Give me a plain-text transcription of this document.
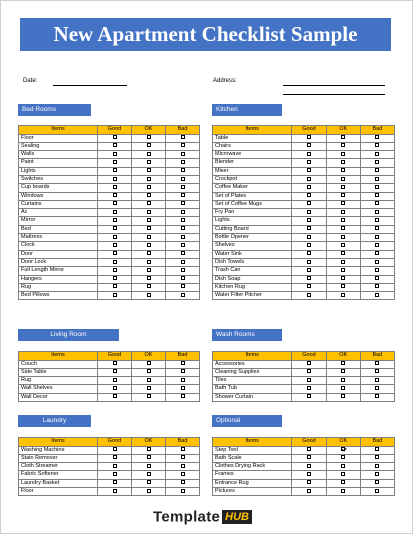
New Apartment Checklist Sample
Date:	Address:
Bed Rooms
Items	Good	OK	Bad
Floor			
Sealing			
Walls			
Paint			
Lights			
Switches			
Cup boards			
Windows			
Curtains			
Ac			
Mirror			
Bed			
Mattress			
Clock			
Door			
Door Lock			
Full Length Mirror			
Hangers			
Rug			
Bed Pillows			
Kitchen
Items	Good	OK	Bad
Table			
Chairs			
Microwave			
Blender			
Mixer			
Crockpot			
Coffee Maker			
Set of Plates			
Set of Coffee Mugs			
Fry Pan			
Lights			
Cutting Board			
Bottle Opener			
Shelves			
Water Sink			
Dish Towels			
Trash Can			
Dish Soap			
Kitchen Rug			
Water Filter Pitcher			
Living Room
Items	Good	OK	Bad
Couch			
Side Table			
Rug			
Wall Shelves			
Wall Decor			
Wash Rooms
Items	Good	OK	Bad
Accessories			
Cleaning Supplies			
Tiles			
Bath Tub			
Shower Curtain			
Laundry
Items	Good	OK	Bad
Washing Machine			
Stain Remover			
Cloth Streamer			
Fabric Softener			
Laundry Basket			
Floor			
Optional
Items	Good	OK	Bad
Step Tool			
Bath Scale			
Clothes Drying Rack			
Frames			
Entrance Rug			
Pictures			
Template HUB
